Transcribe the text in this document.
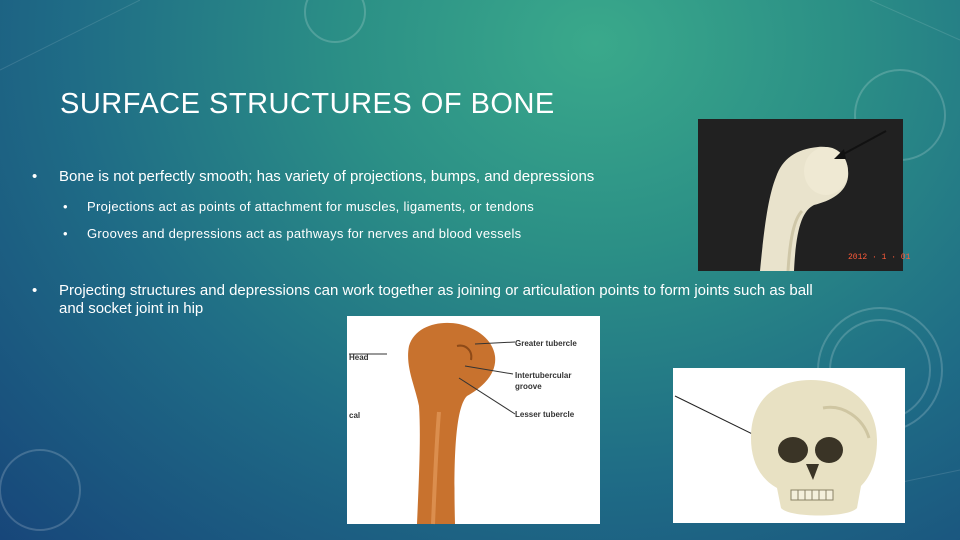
SURFACE STRUCTURES OF BONE
• Bone is not perfectly smooth; has variety of projections, bumps, and depressions
• Projections act as points of attachment for muscles, ligaments, or tendons
• Grooves and depressions act as pathways for nerves and blood vessels
• Projecting structures and depressions can work together as joining or articulation points to form joints such as ball and socket joint in hip
2012 · 1 · 01
Head
Greater tubercle
Intertubercular
groove
Lesser tubercle
cal
